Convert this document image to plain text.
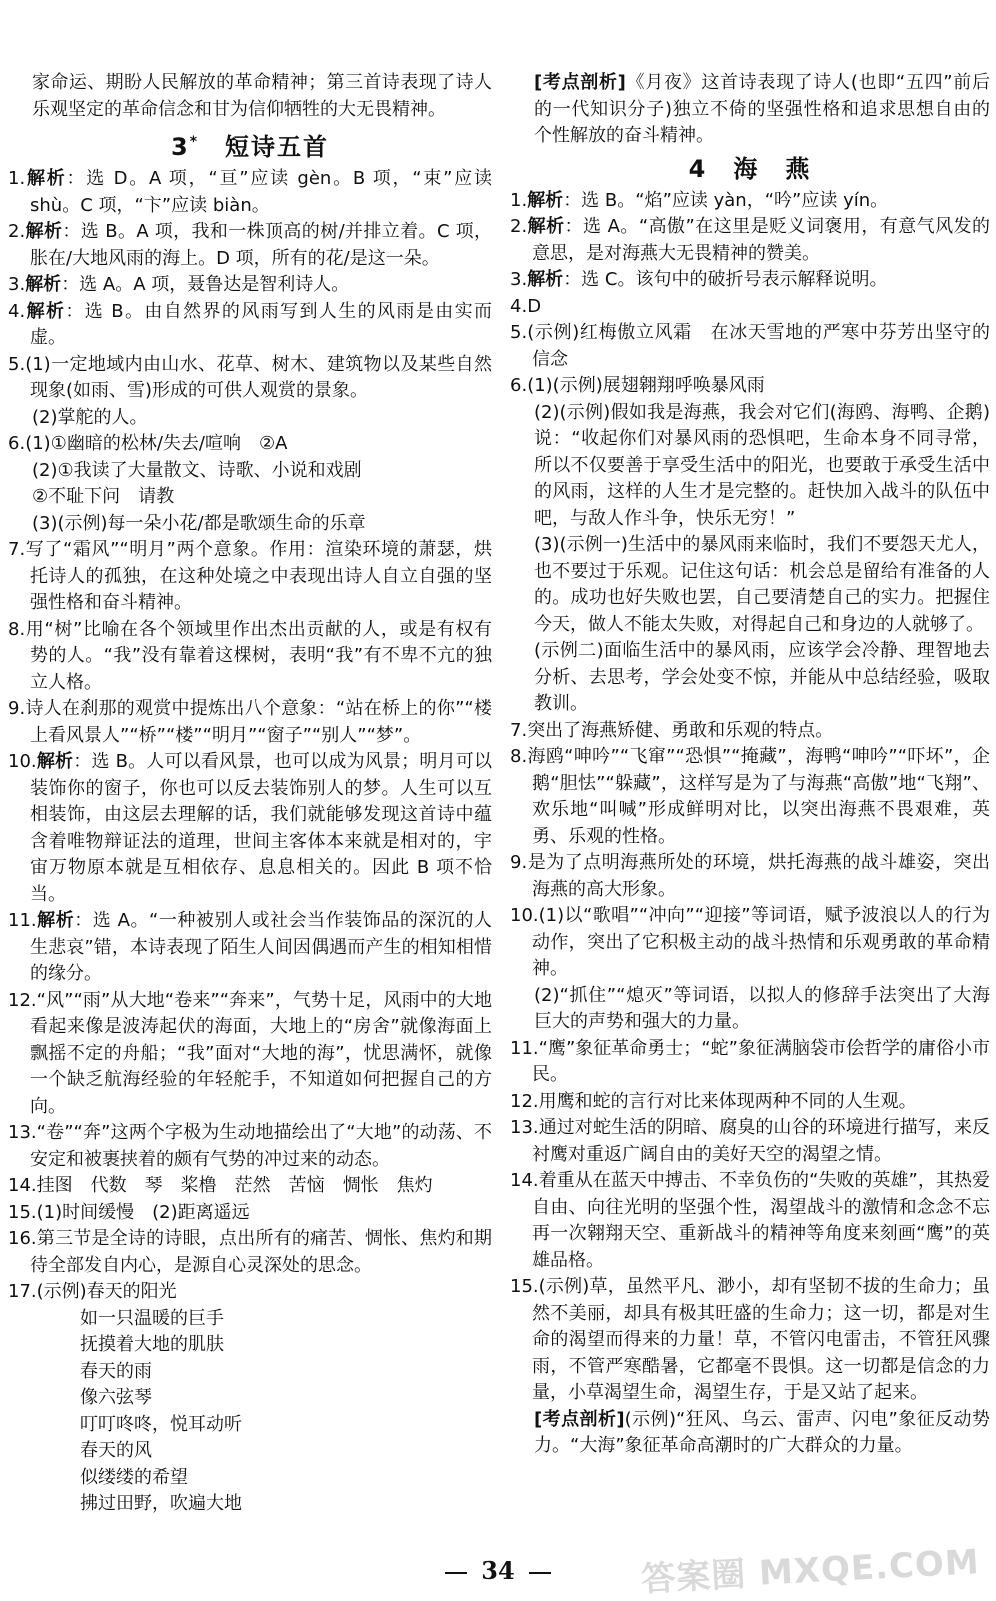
家命运、期盼人民解放的革命精神；第三首诗表现了诗人乐观坚定的革命信念和甘为信仰牺牲的大无畏精神。

3*　 短诗五首

1.解析：选 D。A 项，“亘”应读 gèn。B 项，“束”应读 shù。C 项，“卞”应读 biàn。

2.解析：选 B。A 项，我和一株顶高的树/并排立着。C 项，胀在/大地风雨的海上。D 项，所有的花/是这一朵。

3.解析：选 A。A 项，聂鲁达是智利诗人。

4.解析：选 B。由自然界的风雨写到人生的风雨是由实而虚。

5.(1)一定地域内由山水、花草、树木、建筑物以及某些自然现象(如雨、雪)形成的可供人观赏的景象。

(2)掌舵的人。

6.(1)①幽暗的松林/失去/喧响　②A

(2)①我读了大量散文、诗歌、小说和戏剧

②不耻下问　请教

(3)(示例)每一朵小花/都是歌颂生命的乐章

7.写了“霜风”“明月”两个意象。作用：渲染环境的萧瑟，烘托诗人的孤独，在这种处境之中表现出诗人自立自强的坚强性格和奋斗精神。

8.用“树”比喻在各个领域里作出杰出贡献的人，或是有权有势的人。“我”没有靠着这棵树，表明“我”有不卑不亢的独立人格。

9.诗人在刹那的观赏中提炼出八个意象：“站在桥上的你”“楼上看风景人”“桥”“楼”“明月”“窗子”“别人”“梦”。

10.解析：选 B。人可以看风景，也可以成为风景；明月可以装饰你的窗子，你也可以反去装饰别人的梦。人生可以互相装饰，由这层去理解的话，我们就能够发现这首诗中蕴含着唯物辩证法的道理，世间主客体本来就是相对的，宇宙万物原本就是互相依存、息息相关的。因此 B 项不恰当。

11.解析：选 A。“一种被别人或社会当作装饰品的深沉的人生悲哀”错，本诗表现了陌生人间因偶遇而产生的相知相惜的缘分。

12.“风”“雨”从大地“卷来”“奔来”，气势十足，风雨中的大地看起来像是波涛起伏的海面，大地上的“房舍”就像海面上飘摇不定的舟船；“我”面对“大地的海”，忧思满怀，就像一个缺乏航海经验的年轻舵手，不知道如何把握自己的方向。

13.“卷”“奔”这两个字极为生动地描绘出了“大地”的动荡、不安定和被裹挟着的颇有气势的冲过来的动态。

14.挂图　代数　琴　桨橹　茫然　苦恼　惆怅　焦灼

15.(1)时间缓慢　(2)距离遥远

16.第三节是全诗的诗眼，点出所有的痛苦、惆怅、焦灼和期待全部发自内心，是源自心灵深处的思念。

17.(示例)春天的阳光

如一只温暖的巨手

抚摸着大地的肌肤

春天的雨

像六弦琴

叮叮咚咚，悦耳动听

春天的风

似缕缕的希望

拂过田野，吹遍大地

[考点剖析]《月夜》这首诗表现了诗人(也即“五四”前后的一代知识分子)独立不倚的坚强性格和追求思想自由的个性解放的奋斗精神。

4　 海　燕

1.解析：选 B。“焰”应读 yàn，“吟”应读 yín。

2.解析：选 A。“高傲”在这里是贬义词褒用，有意气风发的意思，是对海燕大无畏精神的赞美。

3.解析：选 C。该句中的破折号表示解释说明。

4.D

5.(示例)红梅傲立风霜　在冰天雪地的严寒中芬芳出坚守的信念

6.(1)(示例)展翅翱翔呼唤暴风雨

(2)(示例)假如我是海燕，我会对它们(海鸥、海鸭、企鹅)说：“收起你们对暴风雨的恐惧吧，生命本身不同寻常，所以不仅要善于享受生活中的阳光，也要敢于承受生活中的风雨，这样的人生才是完整的。赶快加入战斗的队伍中吧，与敌人作斗争，快乐无穷！”

(3)(示例一)生活中的暴风雨来临时，我们不要怨天尤人，也不要过于乐观。记住这句话：机会总是留给有准备的人的。成功也好失败也罢，自己要清楚自己的实力。把握住今天，做人不能太失败，对得起自己和身边的人就够了。

(示例二)面临生活中的暴风雨，应该学会冷静、理智地去分析、去思考，学会处变不惊，并能从中总结经验，吸取教训。

7.突出了海燕矫健、勇敢和乐观的特点。

8.海鸥“呻吟”“飞窜”“恐惧”“掩藏”，海鸭“呻吟”“吓坏”，企鹅“胆怯”“躲藏”，这样写是为了与海燕“高傲”地“飞翔”、欢乐地“叫喊”形成鲜明对比，以突出海燕不畏艰难，英勇、乐观的性格。

9.是为了点明海燕所处的环境，烘托海燕的战斗雄姿，突出海燕的高大形象。

10.(1)以“歌唱”“冲向”“迎接”等词语，赋予波浪以人的行为动作，突出了它积极主动的战斗热情和乐观勇敢的革命精神。

(2)“抓住”“熄灭”等词语，以拟人的修辞手法突出了大海巨大的声势和强大的力量。

11.“鹰”象征革命勇士；“蛇”象征满脑袋市侩哲学的庸俗小市民。

12.用鹰和蛇的言行对比来体现两种不同的人生观。

13.通过对蛇生活的阴暗、腐臭的山谷的环境进行描写，来反衬鹰对重返广阔自由的美好天空的渴望之情。

14.着重从在蓝天中搏击、不幸负伤的“失败的英雄”，其热爱自由、向往光明的坚强个性，渴望战斗的激情和念念不忘再一次翱翔天空、重新战斗的精神等角度来刻画“鹰”的英雄品格。

15.(示例)草，虽然平凡、渺小，却有坚韧不拔的生命力；虽然不美丽，却具有极其旺盛的生命力；这一切，都是对生命的渴望而得来的力量！草，不管闪电雷击，不管狂风骤雨，不管严寒酷暑，它都毫不畏惧。这一切都是信念的力量，小草渴望生命，渴望生存，于是又站了起来。

[考点剖析](示例)“狂风、乌云、雷声、闪电”象征反动势力。“大海”象征革命高潮时的广大群众的力量。

34	答案圈 MXQE.COM
